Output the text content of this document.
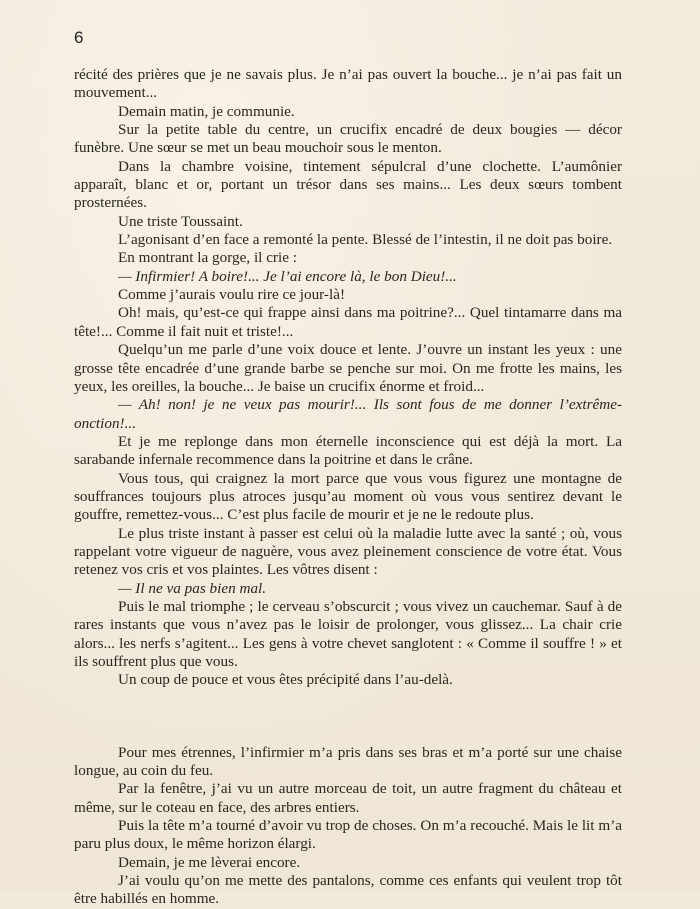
6

récité des prières que je ne savais plus. Je n’ai pas ouvert la bouche... je n’ai pas fait un mouvement...

Demain matin, je communie.

Sur la petite table du centre, un crucifix encadré de deux bougies — décor funèbre. Une sœur se met un beau mouchoir sous le menton.

Dans la chambre voisine, tintement sépulcral d’une clochette. L’aumônier apparaît, blanc et or, portant un trésor dans ses mains... Les deux sœurs tombent prosternées.

Une triste Toussaint.

L’agonisant d’en face a remonté la pente. Blessé de l’intestin, il ne doit pas boire.

En montrant la gorge, il crie :

— Infirmier! A boire!... Je l’ai encore là, le bon Dieu!...

Comme j’aurais voulu rire ce jour-là!

Oh! mais, qu’est-ce qui frappe ainsi dans ma poitrine?... Quel tintamarre dans ma tête!... Comme il fait nuit et triste!...

Quelqu’un me parle d’une voix douce et lente. J’ouvre un instant les yeux : une grosse tête encadrée d’une grande barbe se penche sur moi. On me frotte les mains, les yeux, les oreilles, la bouche... Je baise un crucifix énorme et froid...

— Ah! non! je ne veux pas mourir!... Ils sont fous de me donner l’extrême-onction!...

Et je me replonge dans mon éternelle inconscience qui est déjà la mort. La sarabande infernale recommence dans la poitrine et dans le crâne.

Vous tous, qui craignez la mort parce que vous vous figurez une montagne de souffrances toujours plus atroces jusqu’au moment où vous vous sentirez devant le gouffre, remettez-vous... C’est plus facile de mourir et je ne le redoute plus.

Le plus triste instant à passer est celui où la maladie lutte avec la santé ; où, vous rappelant votre vigueur de naguère, vous avez pleinement conscience de votre état. Vous retenez vos cris et vos plaintes. Les vôtres disent :

— Il ne va pas bien mal.

Puis le mal triomphe ; le cerveau s’obscurcit ; vous vivez un cauchemar. Sauf à de rares instants que vous n’avez pas le loisir de prolonger, vous glissez... La chair crie alors... les nerfs s’agitent... Les gens à votre chevet sanglotent : « Comme il souffre ! » et ils souffrent plus que vous.

Un coup de pouce et vous êtes précipité dans l’au-delà.

Pour mes étrennes, l’infirmier m’a pris dans ses bras et m’a porté sur une chaise longue, au coin du feu.

Par la fenêtre, j’ai vu un autre morceau de toit, un autre fragment du château et même, sur le coteau en face, des arbres entiers.

Puis la tête m’a tourné d’avoir vu trop de choses. On m’a recouché. Mais le lit m’a paru plus doux, le même horizon élargi.

Demain, je me lèverai encore.

J’ai voulu qu’on me mette des pantalons, comme ces enfants qui veulent trop tôt être habillés en homme.
